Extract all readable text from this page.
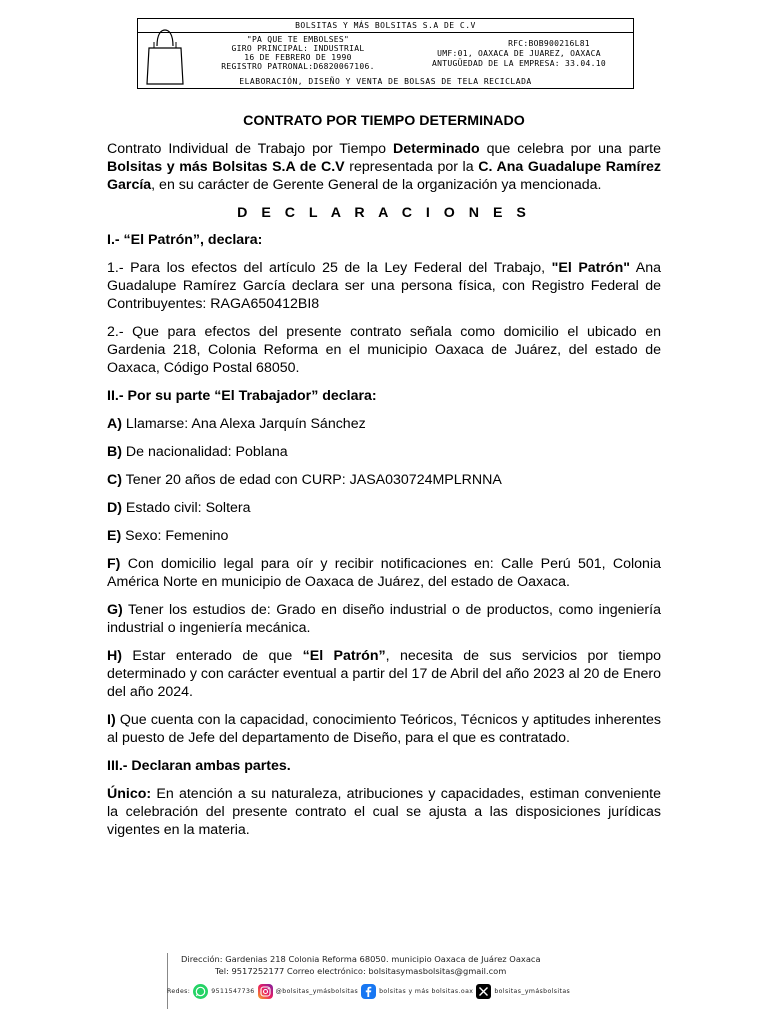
BOLSITAS Y MÁS BOLSITAS S.A DE C.V
"PA QUE TE EMBOLSES"
GIRO PRINCIPAL: INDUSTRIAL
16 DE FEBRERO DE 1990
REGISTRO PATRONAL:D6820067106.
RFC:BOB900216L81
UMF:01, OAXACA DE JUAREZ, OAXACA
ANTUGÜEDAD DE LA EMPRESA: 33.04.10
ELABORACIÓN, DISEÑO Y VENTA DE BOLSAS DE TELA RECICLADA
CONTRATO POR TIEMPO DETERMINADO
Contrato Individual de Trabajo por Tiempo Determinado que celebra por una parte Bolsitas y más Bolsitas S.A de C.V representada por la C. Ana Guadalupe Ramírez García, en su carácter de Gerente General de la organización ya mencionada.
D E C L A R A C I O N E S
I.- “El Patrón”, declara:
1.- Para los efectos del artículo 25 de la Ley Federal del Trabajo, "El Patrón" Ana Guadalupe Ramírez García declara ser una persona física, con Registro Federal de Contribuyentes: RAGA650412BI8
2.- Que para efectos del presente contrato señala como domicilio el ubicado en Gardenia 218, Colonia Reforma en el municipio Oaxaca de Juárez, del estado de Oaxaca, Código Postal 68050.
II.- Por su parte “El Trabajador” declara:
A) Llamarse: Ana Alexa Jarquín Sánchez
B) De nacionalidad: Poblana
C) Tener 20 años de edad con CURP: JASA030724MPLRNNA
D) Estado civil: Soltera
E) Sexo: Femenino
F) Con domicilio legal para oír y recibir notificaciones en: Calle Perú 501, Colonia América Norte en municipio de Oaxaca de Juárez, del estado de Oaxaca.
G) Tener los estudios de: Grado en diseño industrial o de productos, como ingeniería industrial o ingeniería mecánica.
H) Estar enterado de que “El Patrón”, necesita de sus servicios por tiempo determinado y con carácter eventual a partir del 17 de Abril del año 2023 al 20 de Enero del año 2024.
I) Que cuenta con la capacidad, conocimiento Teóricos, Técnicos y aptitudes inherentes al puesto de Jefe del departamento de Diseño, para el que es contratado.
III.- Declaran ambas partes.
Único: En atención a su naturaleza, atribuciones y capacidades, estiman conveniente la celebración del presente contrato el cual se ajusta a las disposiciones jurídicas vigentes en la materia.
Dirección: Gardenias 218 Colonia Reforma 68050. municipio Oaxaca de Juárez Oaxaca
Tel: 9517252177 Correo electrónico: bolsitasymasbolsitas@gmail.com
Redes:	9511547736	@bolsitas_ymásbolsitas	bolsitas y más bolsitas.oax	bolsitas_ymásbolsitas
